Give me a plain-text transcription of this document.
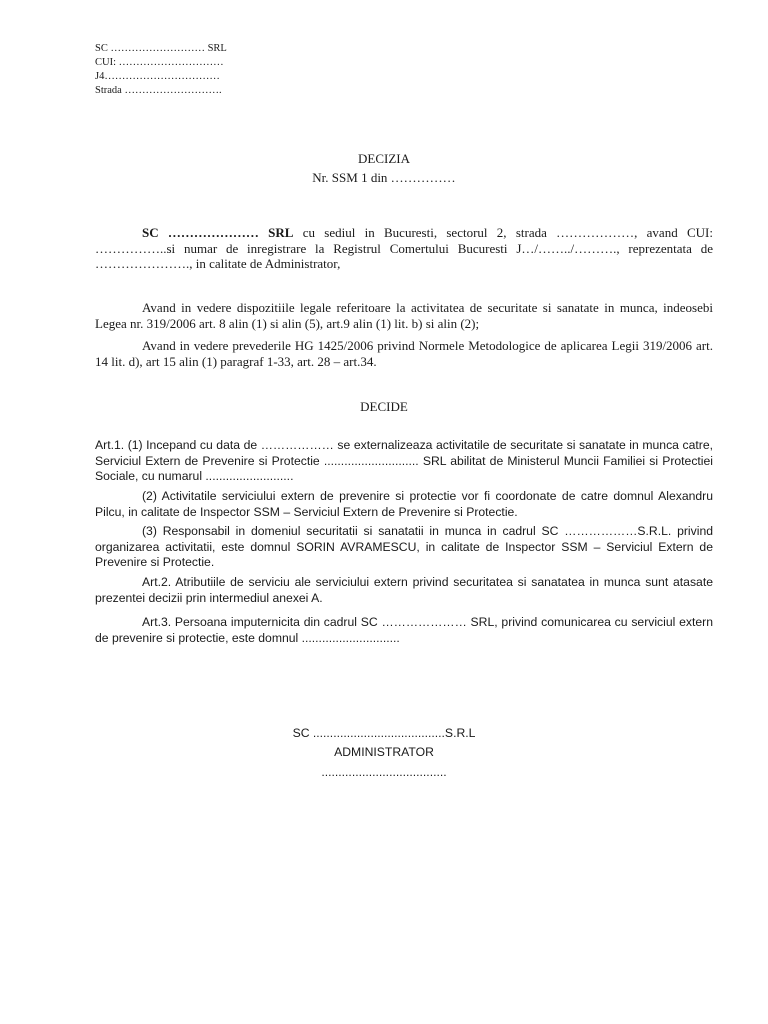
SC ……………………… SRL
CUI: …………………………
J4……………………………
Strada ……………………….
DECIZIA
Nr. SSM 1 din ……………

SC ………………… SRL cu sediul in Bucuresti, sectorul 2, strada ………………, avand CUI: ……………..si numar de inregistrare la Registrul Comertului Bucuresti J…/……../………., reprezentata de …………………., in calitate de Administrator,

Avand in vedere dispozitiile legale referitoare la activitatea de securitate si sanatate in munca, indeosebi Legea nr. 319/2006 art. 8 alin (1) si alin (5), art.9 alin (1) lit. b) si alin (2);

Avand in vedere prevederile HG 1425/2006 privind Normele Metodologice de aplicarea Legii 319/2006 art. 14 lit. d), art 15 alin (1) paragraf 1-33, art. 28 – art.34.

DECIDE

Art.1. (1) Incepand cu data de ……………… se externalizeaza activitatile de securitate si sanatate in munca catre, Serviciul Extern de Prevenire si Protectie ............................ SRL abilitat de Ministerul Muncii Familiei si Protectiei Sociale, cu numarul ..........................

(2) Activitatile serviciului extern de prevenire si protectie vor fi coordonate de catre domnul Alexandru Pilcu, in calitate de Inspector SSM – Serviciul Extern de Prevenire si Protectie.

(3) Responsabil in domeniul securitatii si sanatatii in munca in cadrul SC ………………S.R.L. privind organizarea activitatii, este domnul SORIN AVRAMESCU, in calitate de Inspector SSM – Serviciul Extern de Prevenire si Protectie.

Art.2. Atributiile de serviciu ale serviciului extern privind securitatea si sanatatea in munca sunt atasate prezentei decizii prin intermediul anexei A.

Art.3. Persoana imputernicita din cadrul SC ………………… SRL, privind comunicarea cu serviciul extern de prevenire si protectie, este domnul .............................

SC .......................................S.R.L
ADMINISTRATOR
.....................................
